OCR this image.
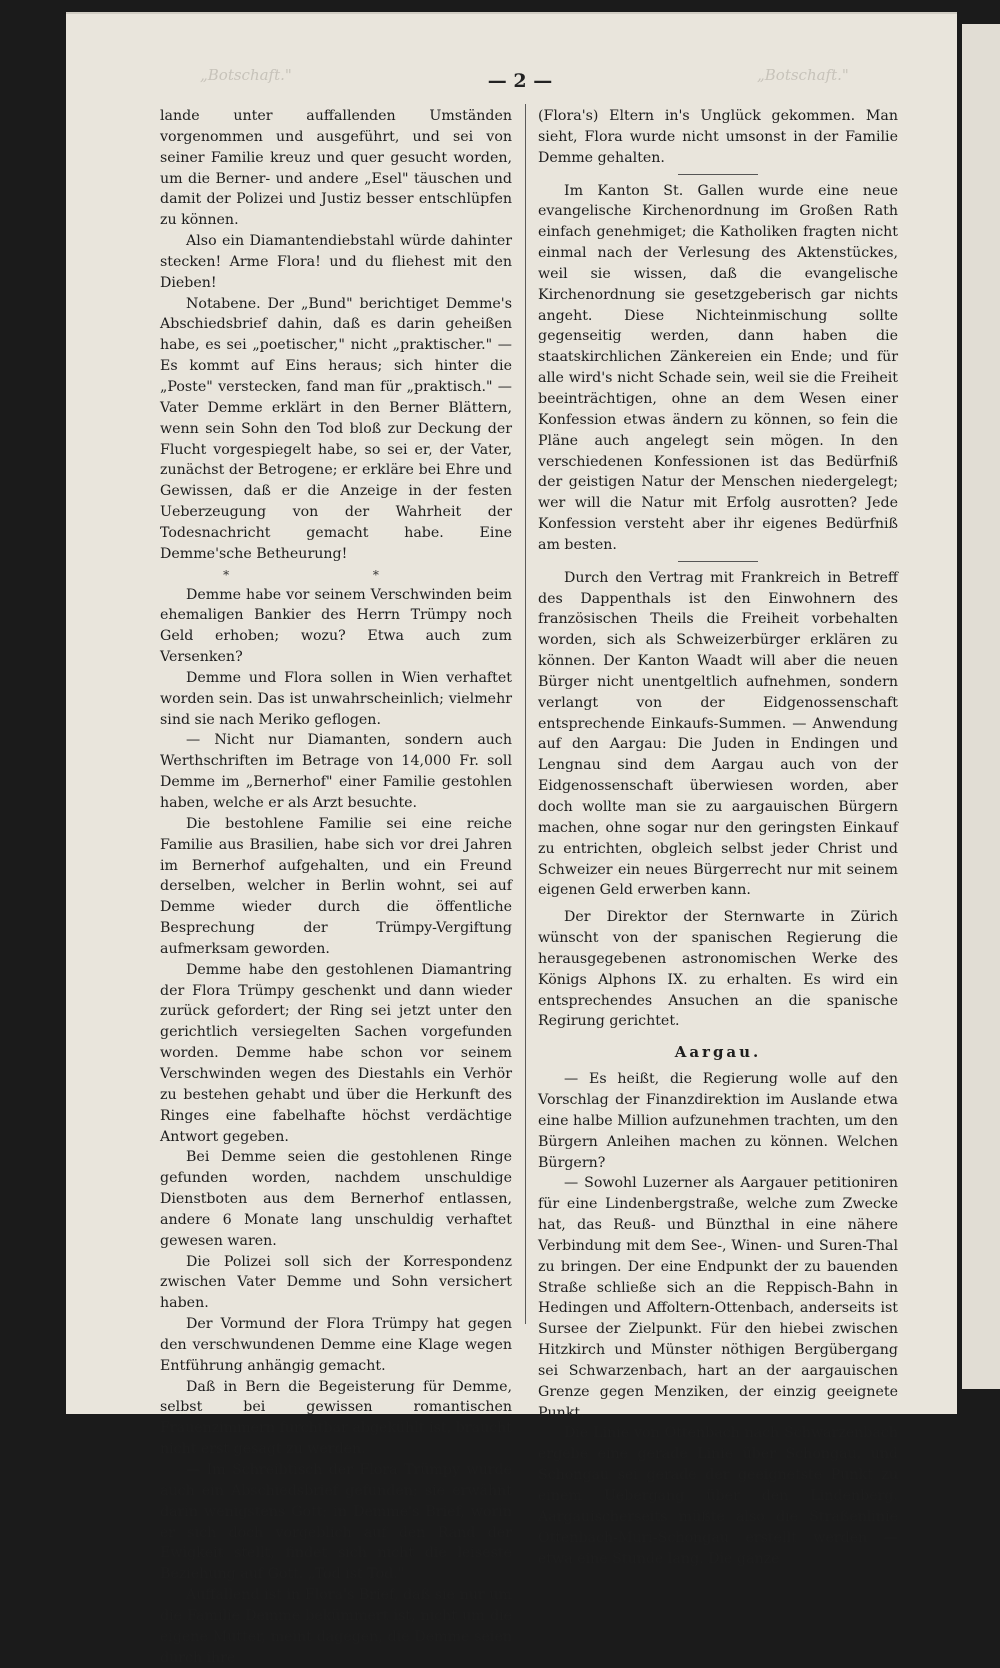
„Botschaft."	„Botschaft."
— 2 —

lande unter auffallenden Umständen vorgenommen und ausgeführt, und sei von seiner Familie kreuz und quer gesucht worden, um die Berner- und andere „Esel" täuschen und damit der Polizei und Justiz besser entschlüpfen zu können.

Also ein Diamantendiebstahl würde dahinter stecken! Arme Flora! und du fliehest mit den Dieben!

Notabene. Der „Bund" berichtiget Demme's Abschiedsbrief dahin, daß es darin geheißen habe, es sei „poetischer," nicht „praktischer." — Es kommt auf Eins heraus; sich hinter die „Poste" verstecken, fand man für „praktisch." — Vater Demme erklärt in den Berner Blättern, wenn sein Sohn den Tod bloß zur Deckung der Flucht vorgespiegelt habe, so sei er, der Vater, zunächst der Betrogene; er erkläre bei Ehre und Gewissen, daß er die Anzeige in der festen Ueberzeugung von der Wahrheit der Todesnachricht gemacht habe. Eine Demme'sche Betheurung!

* *

Demme habe vor seinem Verschwinden beim ehemaligen Bankier des Herrn Trümpy noch Geld erhoben; wozu? Etwa auch zum Versenken?

Demme und Flora sollen in Wien verhaftet worden sein. Das ist unwahrscheinlich; vielmehr sind sie nach Meriko geflogen.

— Nicht nur Diamanten, sondern auch Werthschriften im Betrage von 14,000 Fr. soll Demme im „Bernerhof" einer Familie gestohlen haben, welche er als Arzt besuchte.

Die bestohlene Familie sei eine reiche Familie aus Brasilien, habe sich vor drei Jahren im Bernerhof aufgehalten, und ein Freund derselben, welcher in Berlin wohnt, sei auf Demme wieder durch die öffentliche Besprechung der Trümpy-Vergiftung aufmerksam geworden.

Demme habe den gestohlenen Diamantring der Flora Trümpy geschenkt und dann wieder zurück gefordert; der Ring sei jetzt unter den gerichtlich versiegelten Sachen vorgefunden worden. Demme habe schon vor seinem Verschwinden wegen des Diestahls ein Verhör zu bestehen gehabt und über die Herkunft des Ringes eine fabelhafte höchst verdächtige Antwort gegeben.

Bei Demme seien die gestohlenen Ringe gefunden worden, nachdem unschuldige Dienstboten aus dem Bernerhof entlassen, andere 6 Monate lang unschuldig verhaftet gewesen waren.

Die Polizei soll sich der Korrespondenz zwischen Vater Demme und Sohn versichert haben.

Der Vormund der Flora Trümpy hat gegen den verschwundenen Demme eine Klage wegen Entführung anhängig gemacht.

Daß in Bern die Begeisterung für Demme, selbst bei gewissen romantischen Frauenzimmern furchtbar abgekühlt ist, braucht nicht erst gesagt zu werden.

— Im Schreibtisch der Flora Trümpy wurde auch ein Abschiedsbrief gefunden; sie erwähnt darin wenigstens Gott; in Demme's Brief, worin er sich doch vorgeblich auf den Rand der Ewigkeit stellt, findet sich nicht die leiseste Beziehung auf Gott. „Tod ist Tod."

Auffallend ist in Flora's Brief, daß sie nur um die Familie Demme bekümmert ist, nicht um die eigene Mutter, meint dagegen, die Demme seien durch ihre

(Flora's) Eltern in's Unglück gekommen. Man sieht, Flora wurde nicht umsonst in der Familie Demme gehalten.

Im Kanton St. Gallen wurde eine neue evangelische Kirchenordnung im Großen Rath einfach genehmiget; die Katholiken fragten nicht einmal nach der Verlesung des Aktenstückes, weil sie wissen, daß die evangelische Kirchenordnung sie gesetzgeberisch gar nichts angeht. Diese Nichteinmischung sollte gegenseitig werden, dann haben die staatskirchlichen Zänkereien ein Ende; und für alle wird's nicht Schade sein, weil sie die Freiheit beeinträchtigen, ohne an dem Wesen einer Konfession etwas ändern zu können, so fein die Pläne auch angelegt sein mögen. In den verschiedenen Konfessionen ist das Bedürfniß der geistigen Natur der Menschen niedergelegt; wer will die Natur mit Erfolg ausrotten? Jede Konfession versteht aber ihr eigenes Bedürfniß am besten.

Durch den Vertrag mit Frankreich in Betreff des Dappenthals ist den Einwohnern des französischen Theils die Freiheit vorbehalten worden, sich als Schweizerbürger erklären zu können. Der Kanton Waadt will aber die neuen Bürger nicht unentgeltlich aufnehmen, sondern verlangt von der Eidgenossenschaft entsprechende Einkaufs-Summen. — Anwendung auf den Aargau: Die Juden in Endingen und Lengnau sind dem Aargau auch von der Eidgenossenschaft überwiesen worden, aber doch wollte man sie zu aargauischen Bürgern machen, ohne sogar nur den geringsten Einkauf zu entrichten, obgleich selbst jeder Christ und Schweizer ein neues Bürgerrecht nur mit seinem eigenen Geld erwerben kann.

Der Direktor der Sternwarte in Zürich wünscht von der spanischen Regierung die herausgegebenen astronomischen Werke des Königs Alphons IX. zu erhalten. Es wird ein entsprechendes Ansuchen an die spanische Regirung gerichtet.

Aargau.

— Es heißt, die Regierung wolle auf den Vorschlag der Finanzdirektion im Auslande etwa eine halbe Million aufzunehmen trachten, um den Bürgern Anleihen machen zu können. Welchen Bürgern?

— Sowohl Luzerner als Aargauer petitioniren für eine Lindenbergstraße, welche zum Zwecke hat, das Reuß- und Bünzthal in eine nähere Verbindung mit dem See-, Winen- und Suren-Thal zu bringen. Der eine Endpunkt der zu bauenden Straße schließe sich an die Reppisch-Bahn in Hedingen und Affoltern-Ottenbach, anderseits ist Sursee der Zielpunkt. Für den hiebei zwischen Hitzkirch und Münster nöthigen Bergübergang sei Schwarzenbach, hart an der aargauischen Grenze gegen Menziken, der einzig geeignete Punkt.

Die Linie von Ottenbach nach Schwarzenbach ergebe eine gerade Linie über Schongau, und Schongau sei gerade der geeignetste Punkt zu einem Uebergang über den Lindenberg. Aargauischerseits müßte also die Straßenlinie Ottenbach-Muri-Schongau erstellt werden — etwa eine Stunde lang. Die ganze
